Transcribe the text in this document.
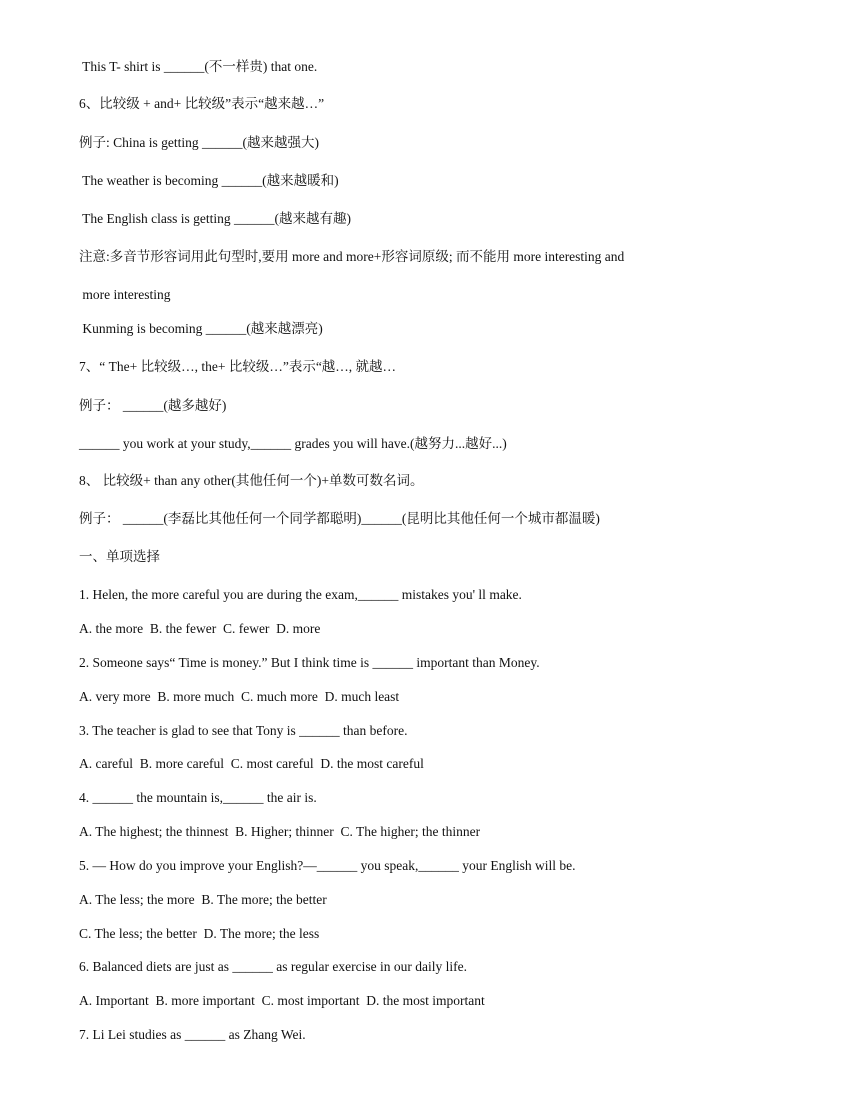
This T- shirt is ______(不一样贵) that one.
6、比较级 + and+ 比较级”表示“越来越…”
例子: China is getting ______(越来越强大)
The weather is becoming ______(越来越暖和)
The English class is getting ______(越来越有趣)
注意:多音节形容词用此句型时,要用 more and more+形容词原级; 而不能用 more interesting and
more interesting
Kunming is becoming ______(越来越漂亮)
7、“ The+ 比较级…, the+ 比较级…”表示“越…, 就越…
例子： ______(越多越好)
______ you work at your study,______ grades you will have.(越努力...越好...)
8、 比较级+ than any other(其他任何一个)+单数可数名词。
例子： ______(李磊比其他任何一个同学都聪明)______(昆明比其他任何一个城市都温暖)
一、单项选择
1. Helen, the more careful you are during the exam,______ mistakes you' ll make.
A. the more  B. the fewer  C. fewer  D. more
2. Someone says“ Time is money.” But I think time is ______ important than Money.
A. very more  B. more much  C. much more  D. much least
3. The teacher is glad to see that Tony is ______ than before.
A. careful  B. more careful  C. most careful  D. the most careful
4. ______ the mountain is,______ the air is.
A. The highest; the thinnest  B. Higher; thinner  C. The higher; the thinner
5. — How do you improve your English?—______ you speak,______ your English will be.
A. The less; the more  B. The more; the better
C. The less; the better  D. The more; the less
6. Balanced diets are just as ______ as regular exercise in our daily life.
A. Important  B. more important  C. most important  D. the most important
7. Li Lei studies as ______ as Zhang Wei.
